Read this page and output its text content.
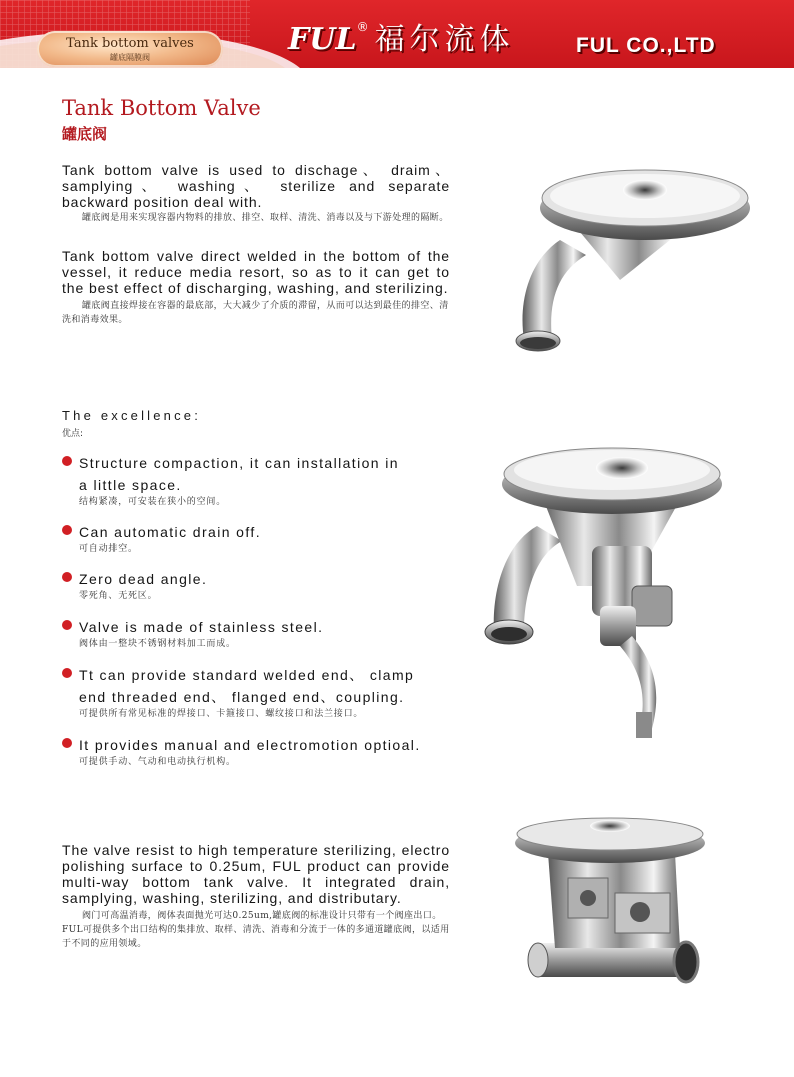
Tank bottom valves
罐底隔膜阀
FUL® 福尔流体	FUL CO.,LTD
Tank Bottom Valve
罐底阀
Tank bottom valve is used to dischage、 draim、 samplying、 washing、 sterilize and separate backward position deal with.
罐底阀是用来实现容器内物料的排放、排空、取样、清洗、消毒以及与下游处理的隔断。
Tank bottom valve direct welded in the bottom of the vessel, it reduce media resort, so as to it can get to the best effect of discharging, washing, and sterilizing.
罐底阀直接焊接在容器的最底部，大大减少了介质的滞留，从而可以达到最佳的排空、清洗和消毒效果。
The excellence:
优点:
Structure compaction, it can installation in a little space.
结构紧凑，可安装在狭小的空间。
Can automatic drain off.
可自动排空。
Zero dead angle.
零死角、无死区。
Valve is made of stainless steel.
阀体由一整块不锈钢材料加工而成。
Tt can provide standard welded end、 clamp end threaded end、 flanged end、coupling.
可提供所有常见标准的焊接口、卡箍接口、螺纹接口和法兰接口。
It provides manual and electromotion optioal.
可提供手动、气动和电动执行机构。
The valve resist to high temperature sterilizing, electro polishing surface to 0.25um, FUL product can provide multi-way bottom tank valve. It integrated drain, samplying, washing, sterilizing, and distributary.
阀门可高温消毒，阀体表面抛光可达0.25um,罐底阀的标准设计只带有一个阀座出口。FUL可提供多个出口结构的集排放、取样、清洗、消毒和分流于一体的多通道罐底阀，以适用于不同的应用领域。
